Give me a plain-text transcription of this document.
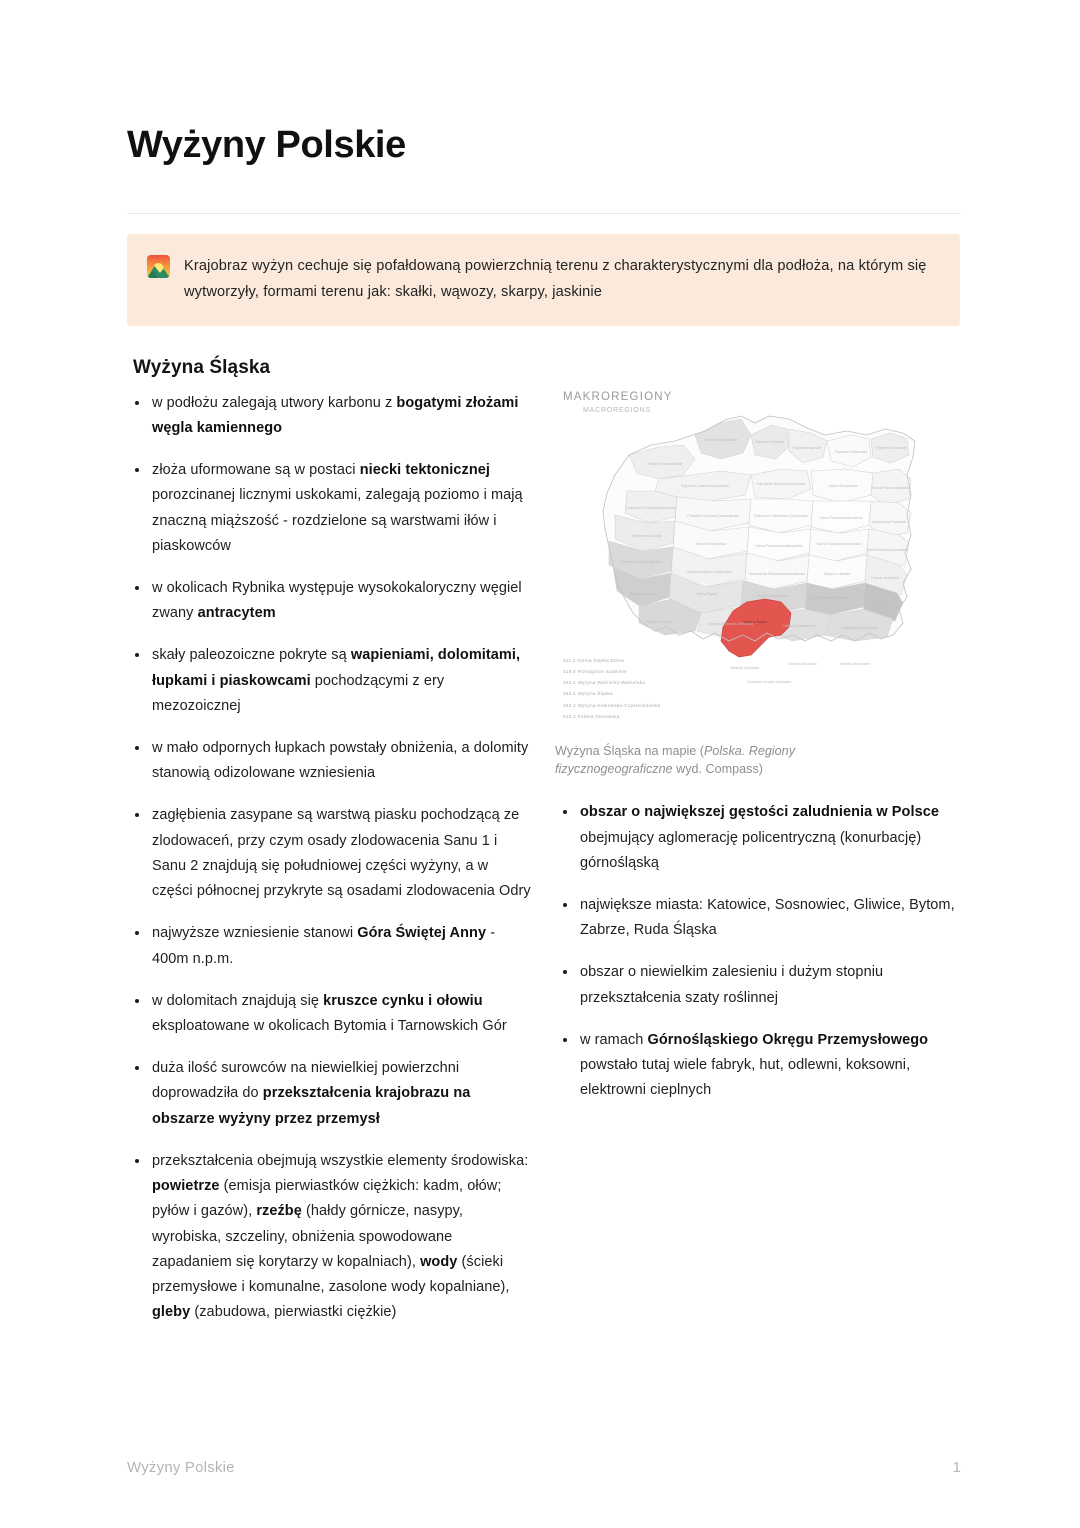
Wyżyny Polskie
Krajobraz wyżyn cechuje się pofałdowaną powierzchnią terenu z charakterystycznymi dla podłoża, na którym się wytworzyły, formami terenu jak: skałki, wąwozy, skarpy, jaskinie
Wyżyna Śląska
w podłożu zalegają utwory karbonu z bogatymi złożami węgla kamiennego
złoża uformowane są w postaci niecki tektonicznej porozcinanej licznymi uskokami, zalegają poziomo i mają znaczną miąższość - rozdzielone są warstwami iłów i piaskowców
w okolicach Rybnika występuje wysokokaloryczny węgiel zwany antracytem
skały paleozoiczne pokryte są wapieniami, dolomitami, łupkami i piaskowcami pochodzącymi z ery mezozoicznej
w mało odpornych łupkach powstały obniżenia, a dolomity stanowią odizolowane wzniesienia
zagłębienia zasypane są warstwą piasku pochodzącą ze zlodowaceń, przy czym osady zlodowacenia Sanu 1 i Sanu 2 znajdują się południowej części wyżyny, a w części północnej przykryte są osadami zlodowacenia Odry
najwyższe wzniesienie stanowi Góra Świętej Anny - 400m n.p.m.
w dolomitach znajdują się kruszce cynku i ołowiu eksploatowane w okolicach Bytomia i Tarnowskich Gór
duża ilość surowców na niewielkiej powierzchni doprowadziła do przekształcenia krajobrazu na obszarze wyżyny przez przemysł
przekształcenia obejmują wszystkie elementy środowiska: powietrze (emisja pierwiastków ciężkich: kadm, ołów; pyłów i gazów), rzeźbę (hałdy górnicze, nasypy, wyrobiska, szczeliny, obniżenia spowodowane zapadaniem się korytarzy w kopalniach), wody (ścieki przemysłowe i komunalne, zasolone wody kopalniane), gleby (zabudowa, pierwiastki ciężkie)
Pobrzeże Szczecińskie
Pobrzeże Koszalińskie	Pobrzeże Gdańskie
Pojezierze Iławskie
Pojezierze Mazurskie
Pojezierze Litewskie
Pojezierze Zachodniopomorskie	Pojezierze Wschodniopomorskie	Nizina Staropruska	Nizina Północnopodlaska
Pojezierze Południowopomorskie
Pradolina Toruńsko-Eberswaldzka	Pojezierze Chełmińsko-Dobrzyńskie	Nizina Północnomazowiecka
Wysoczyzny Podlaskie
Pojezierze Lubuskie
Nizina Wielkopolska	Nizina Południowowielkopolska	Nizina Środkowomazowiecka
Nizina Południowopodlaska
Wzniesienia Zielonogórskie
Obniżenie Milicko-Głogowskie	Wzniesienia Południowomazowieckie	Wyżyna Lubelska
Polesie Wołyńskie
Sudety Zachodnie	Nizina Śląska	Wyżyna Małopolska	Wyżyna Lubelsko-Lwowska
Roztocze
Sudety Środkowe	Wyżyna Woźnicko-Wieluńska	Kotlina Sandomierska	Podkarpacie Wschodnie
Wyżyna Śląska
Beskidy Zachodnie
Beskidy Środkowe	Beskidy Wschodnie
Centralne Karpaty Zachodnie
MAKROREGIONY
MACROREGIONS
311.1 Nizina Śląska Dolna
318.5 Przedgórze Sudeckie
341.1 Wyżyna Woźnicko-Wieluńska
342.1 Wyżyna Śląska
342.2 Wyżyna Krakowsko-Częstochowska
512.2 Kotlina Ostrawska
Wyżyna Śląska na mapie (Polska. Regiony fizycznogeograficzne wyd. Compass)
obszar o największej gęstości zaludnienia w Polsce obejmujący aglomerację policentryczną (konurbację) górnośląską
największe miasta: Katowice, Sosnowiec, Gliwice, Bytom, Zabrze, Ruda Śląska
obszar o niewielkim zalesieniu i dużym stopniu przekształcenia szaty roślinnej
w ramach Górnośląskiego Okręgu Przemysłowego powstało tutaj wiele fabryk, hut, odlewni, koksowni, elektrowni cieplnych
Wyżyny Polskie	1
